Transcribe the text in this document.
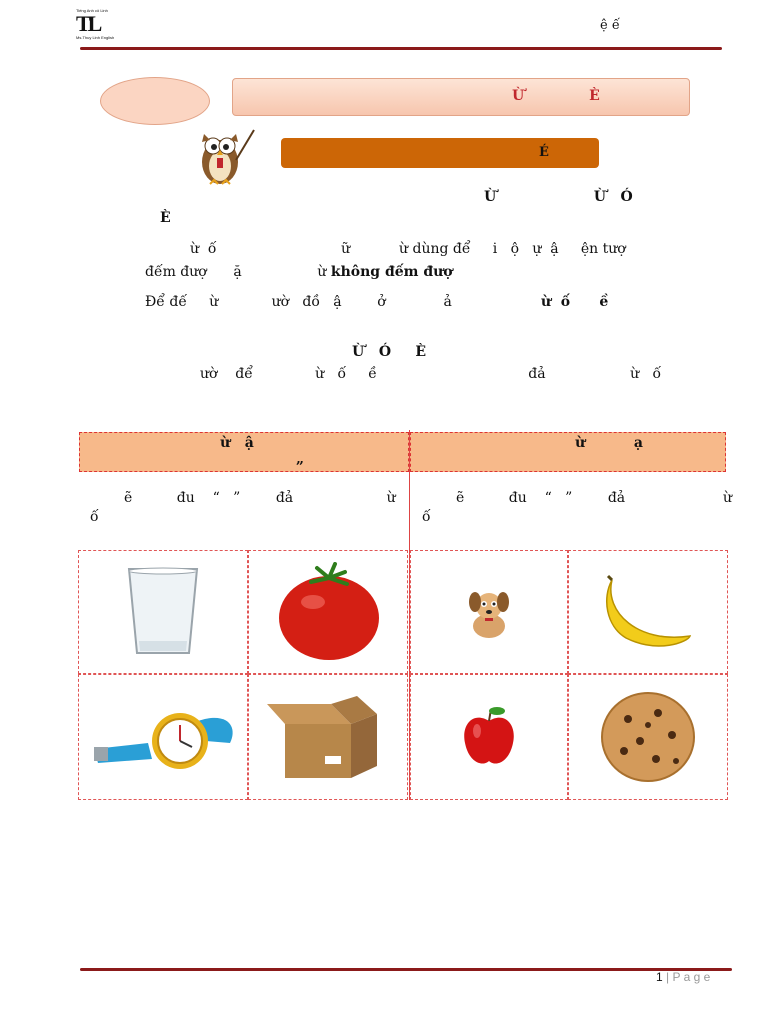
Tiếng Anh cô Linh
TL
Ms.Thuy Linh English
ệ ế
Ừ È
É
Ừ                    Ừ   Ó
È
ừ  ố                            ữ           ừ dùng để     i   ộ   ự  ậ     ện tượ
đếm đượ      ặ                 ừ không đếm đượ
Để đế     ừ            ườ   đồ   ậ        ở             ả                    ừ  ố      ề
Ừ   Ó     È
ườ    để              ừ   ố     ề                                  đả                   ừ   ố
ừ   ậ
„
ừ          ạ
ẽ          đu    “   ”        đả                     ừ
ố
ẽ          đu    “   ”        đả                      ừ
ố
1 | P a g e
